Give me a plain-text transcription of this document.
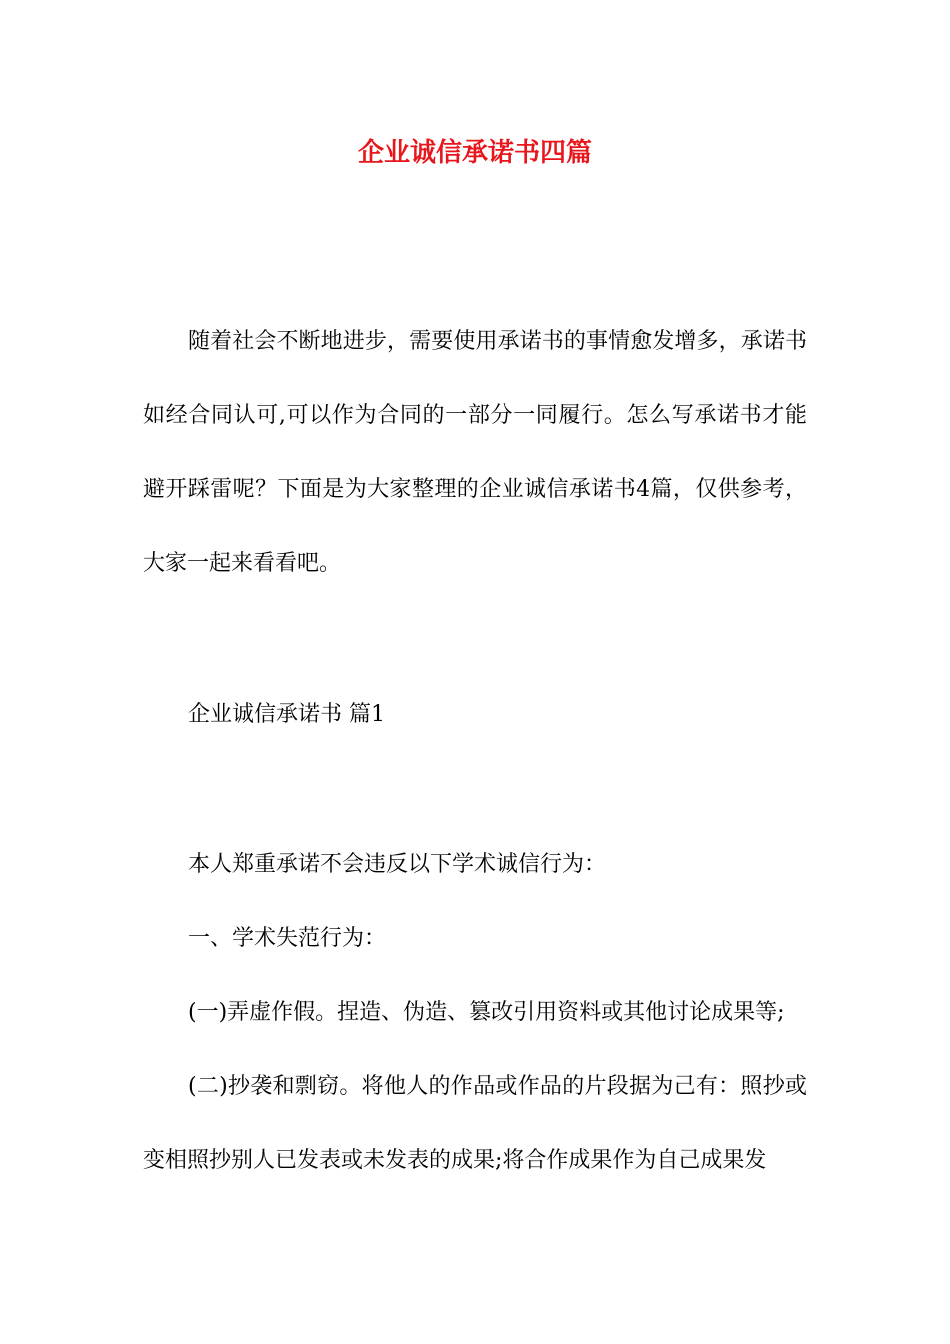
企业诚信承诺书四篇

随着社会不断地进步，需要使用承诺书的事情愈发增多，承诺书如经合同认可,可以作为合同的一部分一同履行。怎么写承诺书才能避开踩雷呢？下面是为大家整理的企业诚信承诺书4篇，仅供参考，大家一起来看看吧。

企业诚信承诺书 篇1

本人郑重承诺不会违反以下学术诚信行为：

一、学术失范行为：

(一)弄虚作假。捏造、伪造、篡改引用资料或其他讨论成果等;

(二)抄袭和剽窃。将他人的作品或作品的片段据为己有：照抄或变相照抄别人已发表或未发表的成果;将合作成果作为自己成果发
